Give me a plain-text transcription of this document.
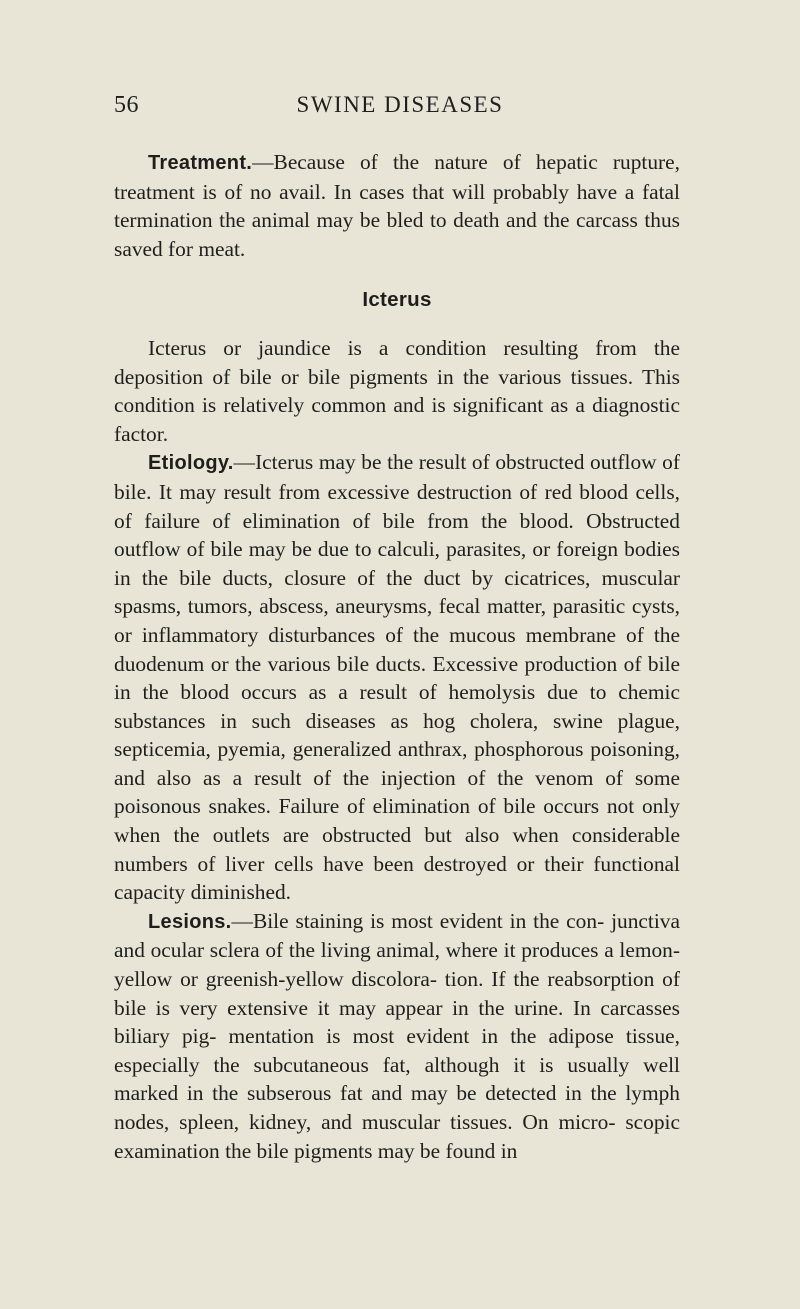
56	SWINE DISEASES

Treatment.—Because of the nature of hepatic rupture, treatment is of no avail. In cases that will probably have a fatal termination the animal may be bled to death and the carcass thus saved for meat.

Icterus

Icterus or jaundice is a condition resulting from the deposition of bile or bile pigments in the various tissues. This condition is relatively common and is significant as a diagnostic factor.

Etiology.—Icterus may be the result of obstructed outflow of bile. It may result from excessive destruction of red blood cells, of failure of elimination of bile from the blood. Obstructed outflow of bile may be due to calculi, parasites, or foreign bodies in the bile ducts, closure of the duct by cicatrices, muscular spasms, tumors, abscess, aneurysms, fecal matter, parasitic cysts, or inflammatory disturbances of the mucous membrane of the duodenum or the various bile ducts. Excessive production of bile in the blood occurs as a result of hemolysis due to chemic substances in such diseases as hog cholera, swine plague, septicemia, pyemia, generalized anthrax, phosphorous poisoning, and also as a result of the injection of the venom of some poisonous snakes. Failure of elimination of bile occurs not only when the outlets are obstructed but also when considerable numbers of liver cells have been destroyed or their functional capacity diminished.

Lesions.—Bile staining is most evident in the con- junctiva and ocular sclera of the living animal, where it produces a lemon-yellow or greenish-yellow discolora- tion. If the reabsorption of bile is very extensive it may appear in the urine. In carcasses biliary pig- mentation is most evident in the adipose tissue, especially the subcutaneous fat, although it is usually well marked in the subserous fat and may be detected in the lymph nodes, spleen, kidney, and muscular tissues. On micro- scopic examination the bile pigments may be found in
